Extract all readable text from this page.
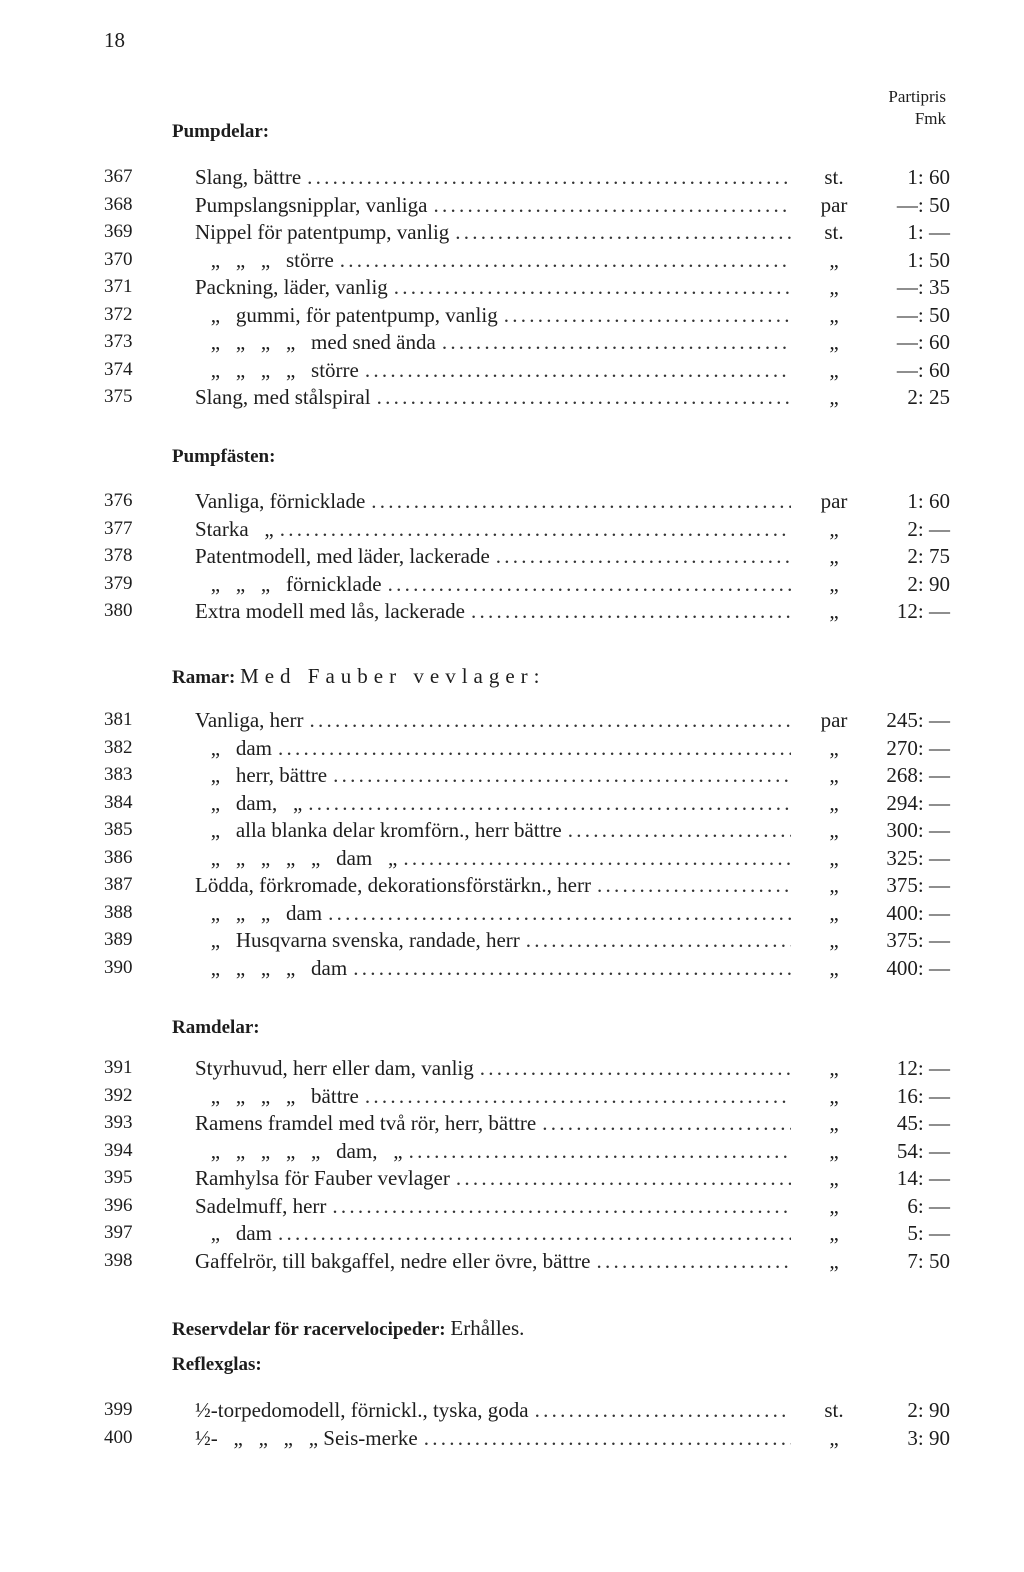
18
Partipris
Fmk
Pumpdelar:
367	Slang, bättre . . .	st.	1: 60
368	Pumpslangsnipplar, vanliga . . .	par	—: 50
369	Nippel för patentpump, vanlig . . .	st.	1: —
370	„   „   „   större . . .	„	1: 50
371	Packning, läder, vanlig . . .	„	—: 35
372	„   gummi, för patentpump, vanlig . . .	„	—: 50
373	„   „   „   „   med sned ända . . .	„	—: 60
374	„   „   „   „   större . . .	„	—: 60
375	Slang, med stålspiral . . .	„	2: 25
Pumpfästen:
376	Vanliga, förnicklade . . .	par	1: 60
377	Starka   „ . . .	„	2: —
378	Patentmodell, med läder, lackerade . . .	„	2: 75
379	„   „   „   förnicklade . . .	„	2: 90
380	Extra modell med lås, lackerade . . .	„	12: —
Ramar: Med Fauber vevlager:
381	Vanliga, herr . . .	par	245: —
382	„   dam . . .	„	270: —
383	„   herr, bättre . . .	„	268: —
384	„   dam,   „ . . .	„	294: —
385	„   alla blanka delar kromförn., herr bättre . . .	„	300: —
386	„   „   „   „   „   dam   „ . . .	„	325: —
387	Lödda, förkromade, dekorationsförstärkn., herr . . .	„	375: —
388	„   „   „   dam . . .	„	400: —
389	„   Husqvarna svenska, randade, herr . . .	„	375: —
390	„   „   „   „   dam . . .	„	400: —
Ramdelar:
391	Styrhuvud, herr eller dam, vanlig . . .	„	12: —
392	„   „   „   „   bättre . . .	„	16: —
393	Ramens framdel med två rör, herr, bättre . . .	„	45: —
394	„   „   „   „   „   dam,   „ . . .	„	54: —
395	Ramhylsa för Fauber vevlager . . .	„	14: —
396	Sadelmuff, herr . . .	„	6: —
397	„   dam . . .	„	5: —
398	Gaffelrör, till bakgaffel, nedre eller övre, bättre . . .	„	7: 50
Reservdelar för racervelocipeder: Erhålles.
Reflexglas:
399	½-torpedomodell, förnickl., tyska, goda . . .	st.	2: 90
400	½-   „   „   „   „ Seis-merke . . .	„	3: 90
